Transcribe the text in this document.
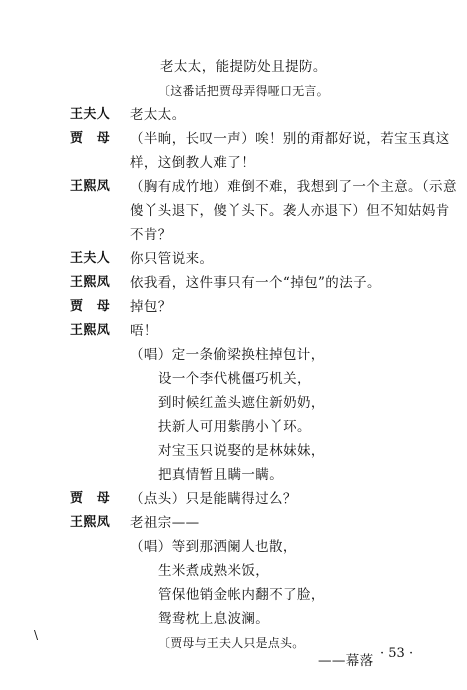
老太太，能提防处且提防。
〔这番话把贾母弄得哑口无言。
王夫人 老太太。
贾　母 （半晌，长叹一声）唉！别的甭都好说，若宝玉真这
样，这倒教人难了！
王熙凤 （胸有成竹地）难倒不难，我想到了一个主意。（示意
傻丫头退下，傻丫头下。袭人亦退下）但不知姑妈肯
不肯？
王夫人 你只管说来。
王熙凤 依我看，这件事只有一个“掉包”的法子。
贾　母 掉包？
王熙凤 唔！
（唱）定一条偷梁换柱掉包计，
设一个李代桃僵巧机关，
到时候红盖头遮住新奶奶，
扶新人可用紫鹃小丫环。
对宝玉只说娶的是林妹妹，
把真情暂且瞒一瞒。
贾　母 （点头）只是能瞒得过么？
王熙凤 老祖宗——
（唱）等到那洒阑人也散，
生米煮成熟米饭，
管保他销金帐内翻不了脸，
鸳鸯枕上息波澜。
〔贾母与王夫人只是点头。
——幕落
\
· 53 ·
